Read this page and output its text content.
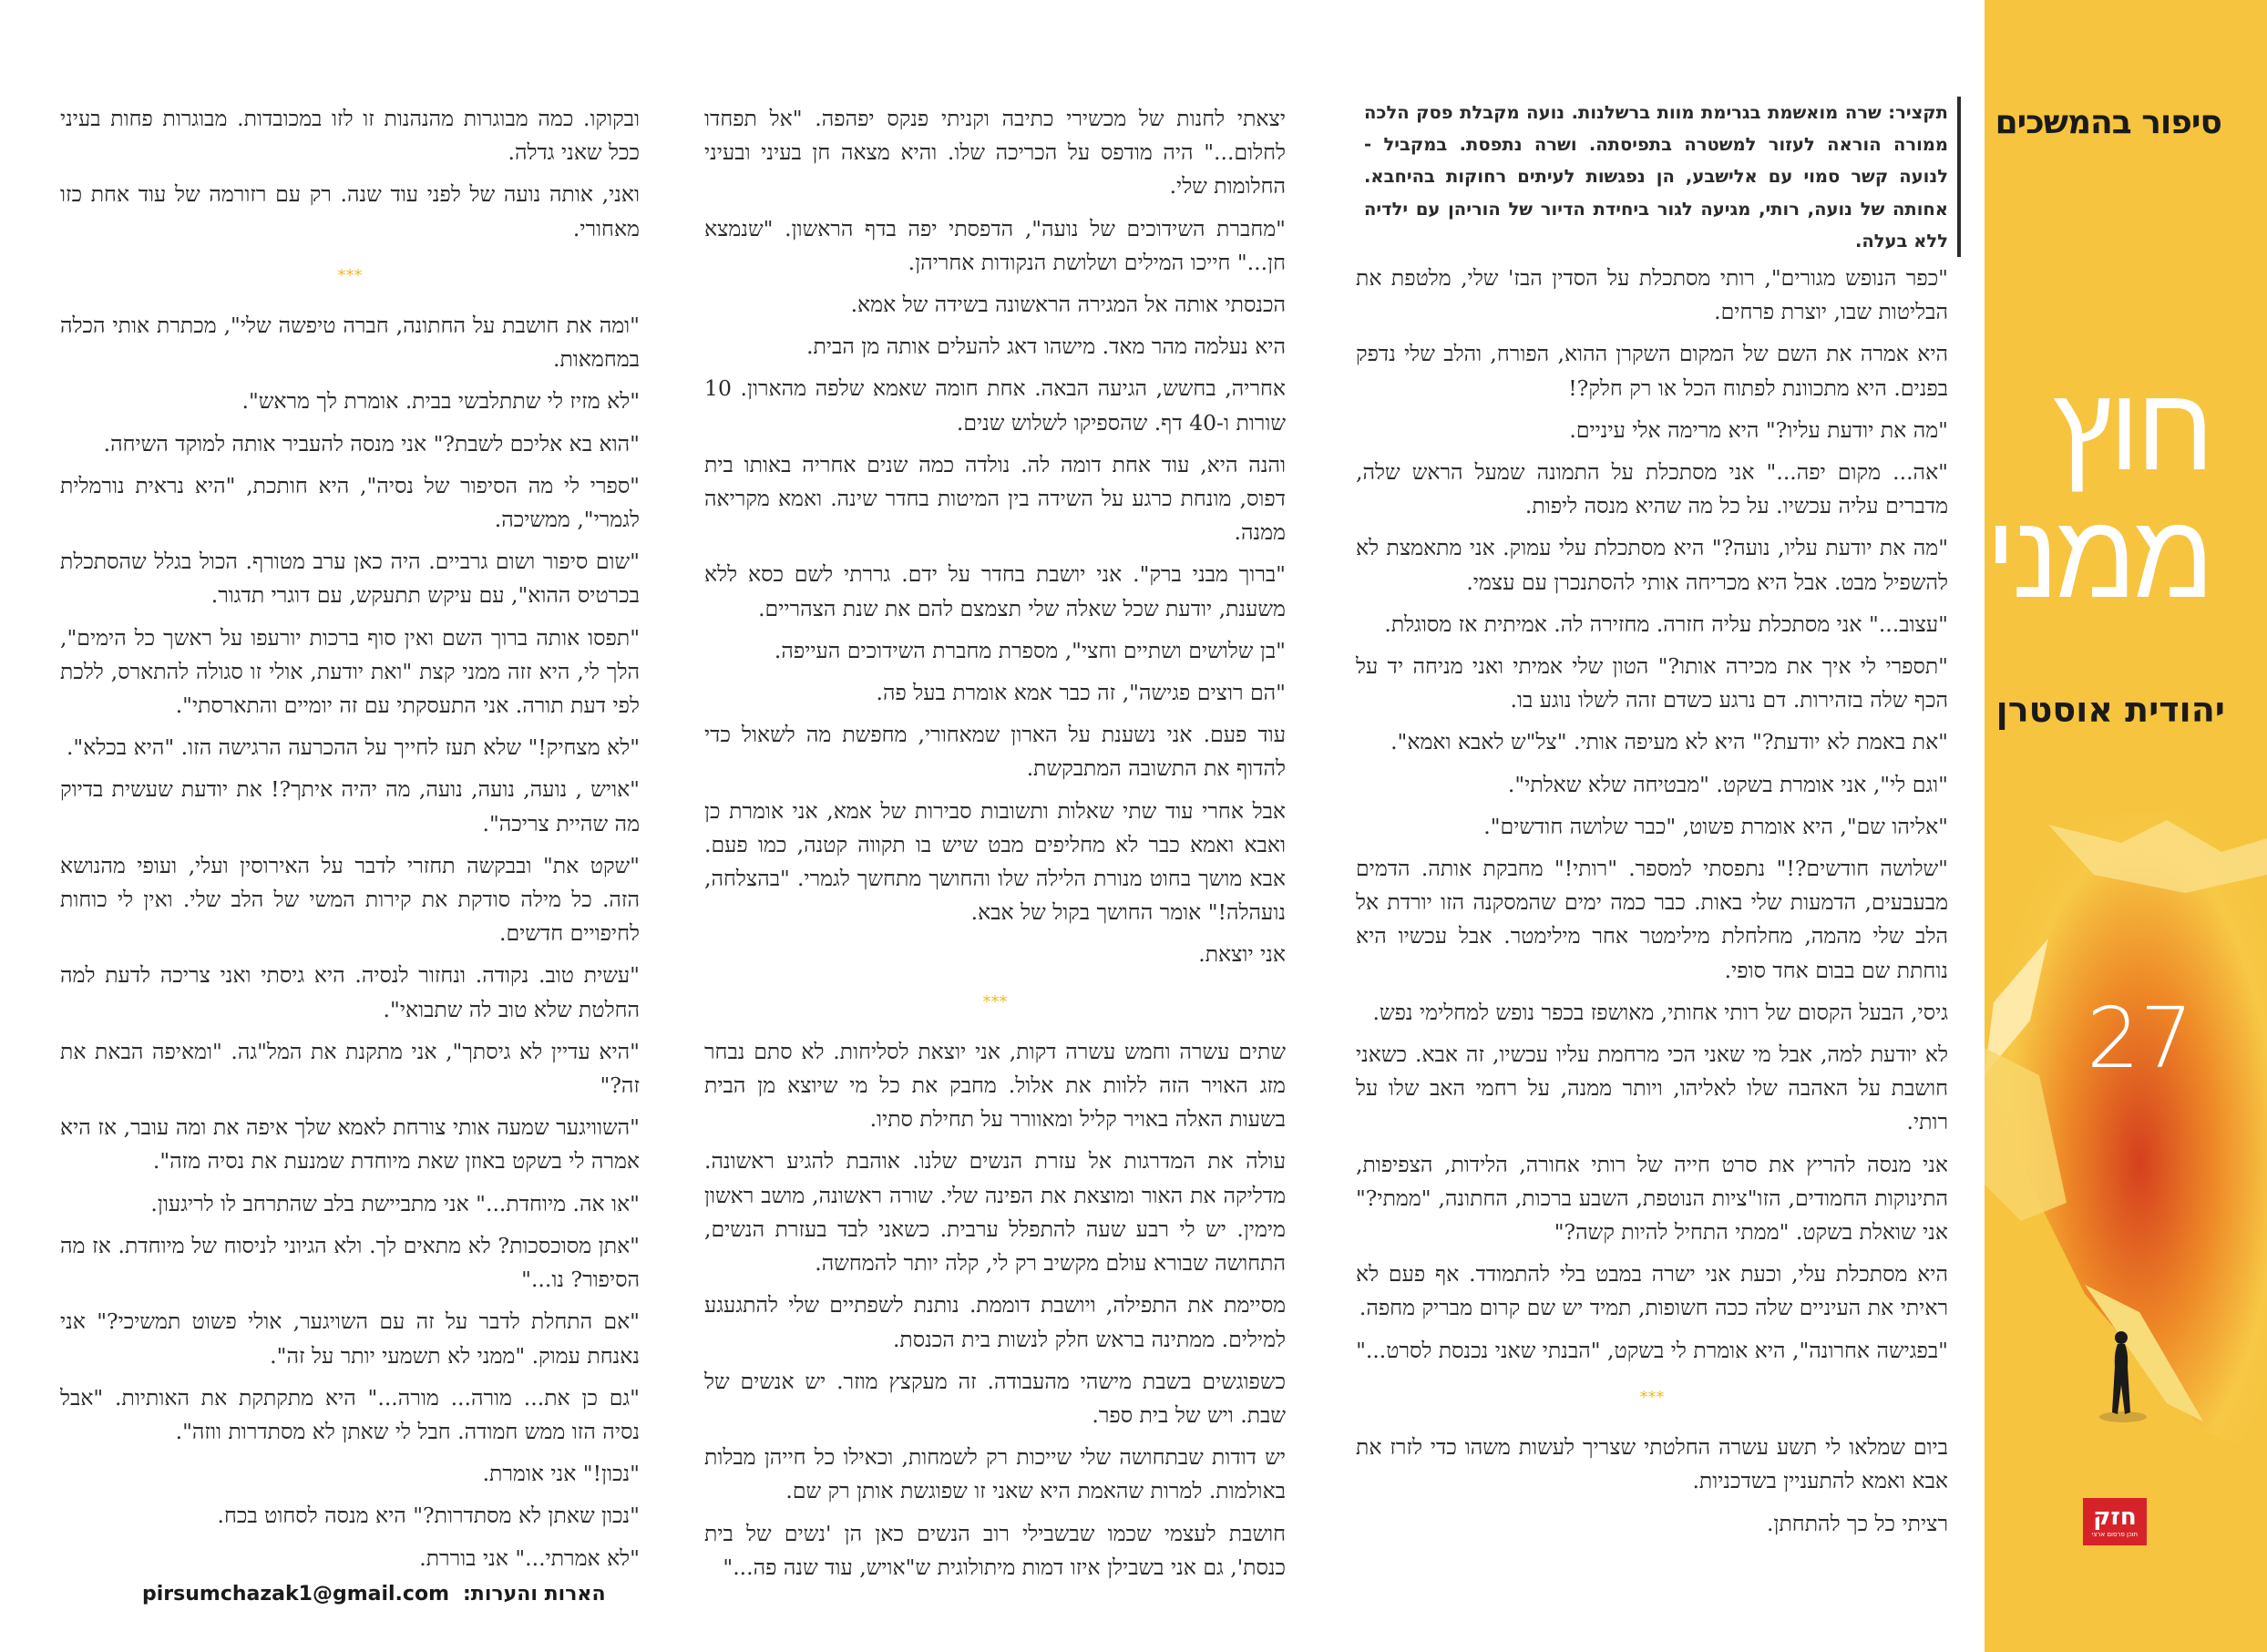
תקציר: שרה מואשמת בגרימת מוות ברשלנות. נועה מקבלת פסק הלכה ממורה הוראה לעזור למשטרה בתפיסתה. ושרה נתפסת. במקביל - לנועה קשר סמוי עם אלישבע, הן נפגשות לעיתים רחוקות בהיחבא. אחותה של נועה, רותי, מגיעה לגור ביחידת הדיור של הוריהן עם ילדיה ללא בעלה.

"כפר הנופש מגורים", רותי מסתכלת על הסדין הבז' שלי, מלטפת את הבליטות שבו, יוצרת פרחים.

היא אמרה את השם של המקום השקרן ההוא, הפורח, והלב שלי נדפק בפנים. היא מתכוונת לפתוח הכל או רק חלק?!

"מה את יודעת עליו?" היא מרימה אלי עיניים.

"אה... מקום יפה..." אני מסתכלת על התמונה שמעל הראש שלה, מדברים עליה עכשיו. על כל מה שהיא מנסה ליפות.

"מה את יודעת עליו, נועה?" היא מסתכלת עלי עמוק. אני מתאמצת לא להשפיל מבט. אבל היא מכריחה אותי להסתנכרן עם עצמי.

"עצוב..." אני מסתכלת עליה חזרה. מחזירה לה. אמיתית אז מסוגלת.

"תספרי לי איך את מכירה אותו?" הטון שלי אמיתי ואני מניחה יד על הכף שלה בזהירות. דם נרגע כשדם זהה לשלו נוגע בו.

"את באמת לא יודעת?" היא לא מעיפה אותי. "צל"ש לאבא ואמא".

"וגם לי", אני אומרת בשקט. "מבטיחה שלא שאלתי".

"אליהו שם", היא אומרת פשוט, "כבר שלושה חודשים".

"שלושה חודשים?!" נתפסתי למספר. "רותי!" מחבקת אותה. הדמים מבעבעים, הדמעות שלי באות. כבר כמה ימים שהמסקנה הזו יורדת אל הלב שלי מהמה, מחלחלת מילימטר אחר מילימטר. אבל עכשיו היא נוחתת שם בבום אחד סופי.

גיסי, הבעל הקסום של רותי אחותי, מאושפז בכפר נופש למחלימי נפש.

לא יודעת למה, אבל מי שאני הכי מרחמת עליו עכשיו, זה אבא. כשאני חושבת על האהבה שלו לאליהו, ויותר ממנה, על רחמי האב שלו על רותי.

אני מנסה להריץ את סרט חייה של רותי אחורה, הלידות, הצפיפות, התינוקות החמודים, הזו"ציות הנוטפת, השבע ברכות, החתונה, "ממתי?" אני שואלת בשקט. "ממתי התחיל להיות קשה?"

היא מסתכלת עלי, וכעת אני ישרה במבט בלי להתמודד. אף פעם לא ראיתי את העיניים שלה ככה חשופות, תמיד יש שם קרום מבריק מחפה.

"בפגישה אחרונה", היא אומרת לי בשקט, "הבנתי שאני נכנסת לסרט..."

***

ביום שמלאו לי תשע עשרה החלטתי שצריך לעשות משהו כדי לזרז את אבא ואמא להתעניין בשדכניות.

רציתי כל כך להתחתן.

יצאתי לחנות של מכשירי כתיבה וקניתי פנקס יפהפה. "אל תפחדו לחלום..." היה מודפס על הכריכה שלו. והיא מצאה חן בעיני ובעיני החלומות שלי.

"מחברת השידוכים של נועה", הדפסתי יפה בדף הראשון. "שנמצא חן..." חייכו המילים ושלושת הנקודות אחריהן.

הכנסתי אותה אל המגירה הראשונה בשידה של אמא.

היא נעלמה מהר מאד. מישהו דאג להעלים אותה מן הבית.

אחריה, בחשש, הגיעה הבאה. אחת חומה שאמא שלפה מהארון. 10 שורות ו-40 דף. שהספיקו לשלוש שנים.

והנה היא, עוד אחת דומה לה. נולדה כמה שנים אחריה באותו בית דפוס, מונחת כרגע על השידה בין המיטות בחדר שינה. ואמא מקריאה ממנה.

"ברוך מבני ברק". אני יושבת בחדר על ידם. גררתי לשם כסא ללא משענת, יודעת שכל שאלה שלי תצמצם להם את שנת הצהריים.

"בן שלושים ושתיים וחצי", מספרת מחברת השידוכים העייפה.

"הם רוצים פגישה", זה כבר אמא אומרת בעל פה.

עוד פעם. אני נשענת על הארון שמאחורי, מחפשת מה לשאול כדי להדוף את התשובה המתבקשת.

אבל אחרי עוד שתי שאלות ותשובות סבירות של אמא, אני אומרת כן ואבא ואמא כבר לא מחליפים מבט שיש בו תקווה קטנה, כמו פעם. אבא מושך בחוט מנורת הלילה שלו והחושך מתחשך לגמרי. "בהצלחה, נועהלה!" אומר החושך בקול של אבא.

אני יוצאת.

***

שתים עשרה וחמש עשרה דקות, אני יוצאת לסליחות. לא סתם נבחר מזג האויר הזה ללוות את אלול. מחבק את כל מי שיוצא מן הבית בשעות האלה באויר קליל ומאוורר על תחילת סתיו.

עולה את המדרגות אל עזרת הנשים שלנו. אוהבת להגיע ראשונה. מדליקה את האור ומוצאת את הפינה שלי. שורה ראשונה, מושב ראשון מימין. יש לי רבע שעה להתפלל ערבית. כשאני לבד בעזרת הנשים, התחושה שבורא עולם מקשיב רק לי, קלה יותר להמחשה.

מסיימת את התפילה, ויושבת דוממת. נותנת לשפתיים שלי להתגעגע למילים. ממתינה בראש חלק לנשות בית הכנסת.

כשפוגשים בשבת מישהי מהעבודה. זה מעקצץ מוזר. יש אנשים של שבת. ויש של בית ספר.

יש דודות שבתחושה שלי שייכות רק לשמחות, וכאילו כל חייהן מבלות באולמות. למרות שהאמת היא שאני זו שפוגשת אותן רק שם.

חושבת לעצמי שכמו שבשבילי רוב הנשים כאן הן 'נשים של בית כנסת', גם אני בשבילן איזו דמות מיתולוגית ש"אויש, עוד שנה פה..."

ובקוקו. כמה מבוגרות מהנהנות זו לזו במכובדות. מבוגרות פחות בעיני ככל שאני גדלה.

ואני, אותה נועה של לפני עוד שנה. רק עם רזורמה של עוד אחת כזו מאחורי.

***

"ומה את חושבת על החתונה, חברה טיפשה שלי", מכתרת אותי הכלה במחמאות.

"לא מזיז לי שתתלבשי בבית. אומרת לך מראש".

"הוא בא אליכם לשבת?" אני מנסה להעביר אותה למוקד השיחה.

"ספרי לי מה הסיפור של נסיה", היא חותכת, "היא נראית נורמלית לגמרי", ממשיכה.

"שום סיפור ושום גרביים. היה כאן ערב מטורף. הכול בגלל שהסתכלת בכרטיס ההוא", עם עיקש תתעקש, עם דוגרי תדגור.

"תפסו אותה ברוך השם ואין סוף ברכות יורעפו על ראשך כל הימים", הלך לי, היא זזה ממני קצת "ואת יודעת, אולי זו סגולה להתארס, ללכת לפי דעת תורה. אני התעסקתי עם זה יומיים והתארסתי".

"לא מצחיק!" שלא תעז לחייך על ההכרעה הרגישה הזו. "היא בכלא".

"אויש , נועה, נועה, נועה, מה יהיה איתך?! את יודעת שעשית בדיוק מה שהיית צריכה".

"שקט את" ובבקשה תחזרי לדבר על האירוסין ועלי, ועופי מהנושא הזה. כל מילה סודקת את קירות המשי של הלב שלי. ואין לי כוחות לחיפויים חדשים.

"עשית טוב. נקודה. ונחזור לנסיה. היא גיסתי ואני צריכה לדעת למה החלטת שלא טוב לה שתבואי".

"היא עדיין לא גיסתך", אני מתקנת את המל"גה. "ומאיפה הבאת את זה?"

"השוויגער שמעה אותי צורחת לאמא שלך איפה את ומה עובר, אז היא אמרה לי בשקט באוזן שאת מיוחדת שמנעת את נסיה מזה".

"או אה. מיוחדת..." אני מתביישת בלב שהתרחב לו לריגעון.

"אתן מסוכסכות? לא מתאים לך. ולא הגיוני לניסוח של מיוחדת. אז מה הסיפור? נו..."

"אם התחלת לדבר על זה עם השויגער, אולי פשוט תמשיכי?" אני נאנחת עמוק. "ממני לא תשמעי יותר על זה".

"גם כן את... מורה... מורה..." היא מתקתקת את האותיות. "אבל נסיה הזו ממש חמודה. חבל לי שאתן לא מסתדרות ווזה".

"נכון!" אני אומרת.

"נכון שאתן לא מסתדרות?" היא מנסה לסחוט בכח.

"לא אמרתי..." אני בוררת.

הארות והערות: pirsumchazak1@gmail.com
סיפור בהמשכים
חוץ
ממני
יהודית אוסטרן
27
חזק
תוכן פרסום ארצי
